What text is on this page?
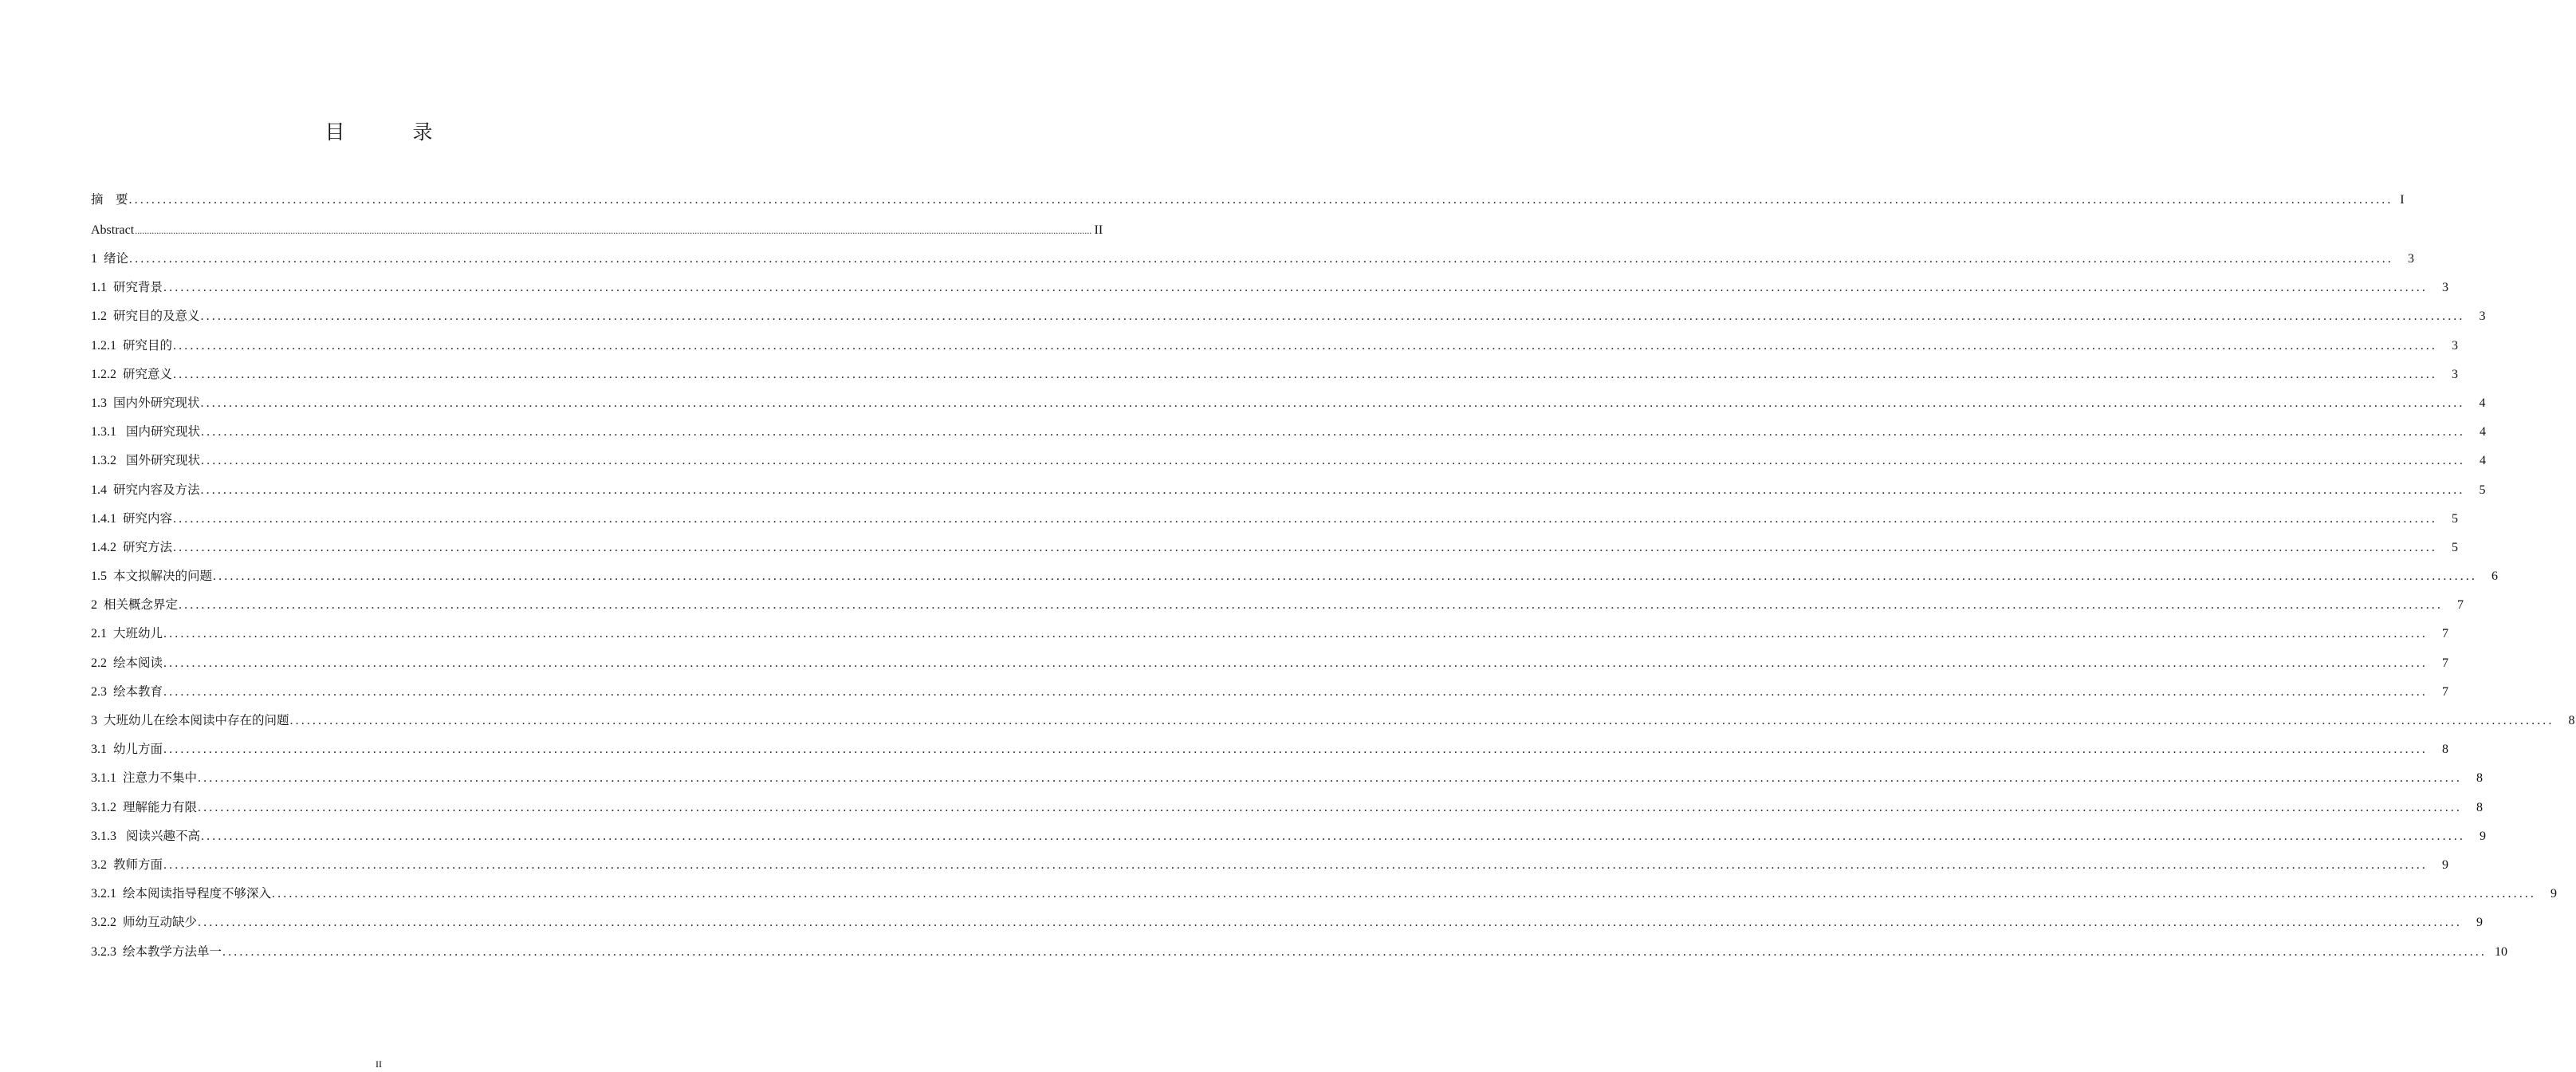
目　录
摘　要 ................................................................................................................................................................................................................................................................................................................................................................................................................ I
Abstract ................................................................................................................................................................................................................................................................................................................................................................................................................ II
1 绪论 ................................................................................................................................................................................................................................................................................................................................................................................................................	3
1.1 研究背景 ................................................................................................................................................................................................................................................................................................................................................................................................................	3
1.2 研究目的及意义 ................................................................................................................................................................................................................................................................................................................................................................................................................	3
1.2.1 研究目的 ................................................................................................................................................................................................................................................................................................................................................................................................................	3
1.2.2 研究意义 ................................................................................................................................................................................................................................................................................................................................................................................................................	3
1.3 国内外研究现状 ................................................................................................................................................................................................................................................................................................................................................................................................................	4
1.3.1 国内研究现状 ................................................................................................................................................................................................................................................................................................................................................................................................................	4
1.3.2 国外研究现状 ................................................................................................................................................................................................................................................................................................................................................................................................................	4
1.4 研究内容及方法 ................................................................................................................................................................................................................................................................................................................................................................................................................	5
1.4.1 研究内容 ................................................................................................................................................................................................................................................................................................................................................................................................................	5
1.4.2 研究方法 ................................................................................................................................................................................................................................................................................................................................................................................................................	5
1.5 本文拟解决的问题 ................................................................................................................................................................................................................................................................................................................................................................................................................	6
2 相关概念界定 ................................................................................................................................................................................................................................................................................................................................................................................................................	7
2.1 大班幼儿 ................................................................................................................................................................................................................................................................................................................................................................................................................	7
2.2 绘本阅读 ................................................................................................................................................................................................................................................................................................................................................................................................................	7
2.3 绘本教育 ................................................................................................................................................................................................................................................................................................................................................................................................................	7
3 大班幼儿在绘本阅读中存在的问题 ................................................................................................................................................................................................................................................................................................................................................................................................................	8
3.1 幼儿方面 ................................................................................................................................................................................................................................................................................................................................................................................................................	8
3.1.1 注意力不集中 ................................................................................................................................................................................................................................................................................................................................................................................................................	8
3.1.2 理解能力有限 ................................................................................................................................................................................................................................................................................................................................................................................................................	8
3.1.3 阅读兴趣不高 ................................................................................................................................................................................................................................................................................................................................................................................................................	9
3.2 教师方面 ................................................................................................................................................................................................................................................................................................................................................................................................................	9
3.2.1 绘本阅读指导程度不够深入 ................................................................................................................................................................................................................................................................................................................................................................................................................	9
3.2.2 师幼互动缺少 ................................................................................................................................................................................................................................................................................................................................................................................................................	9
3.2.3 绘本教学方法单一 ................................................................................................................................................................................................................................................................................................................................................................................................................ 10
II
